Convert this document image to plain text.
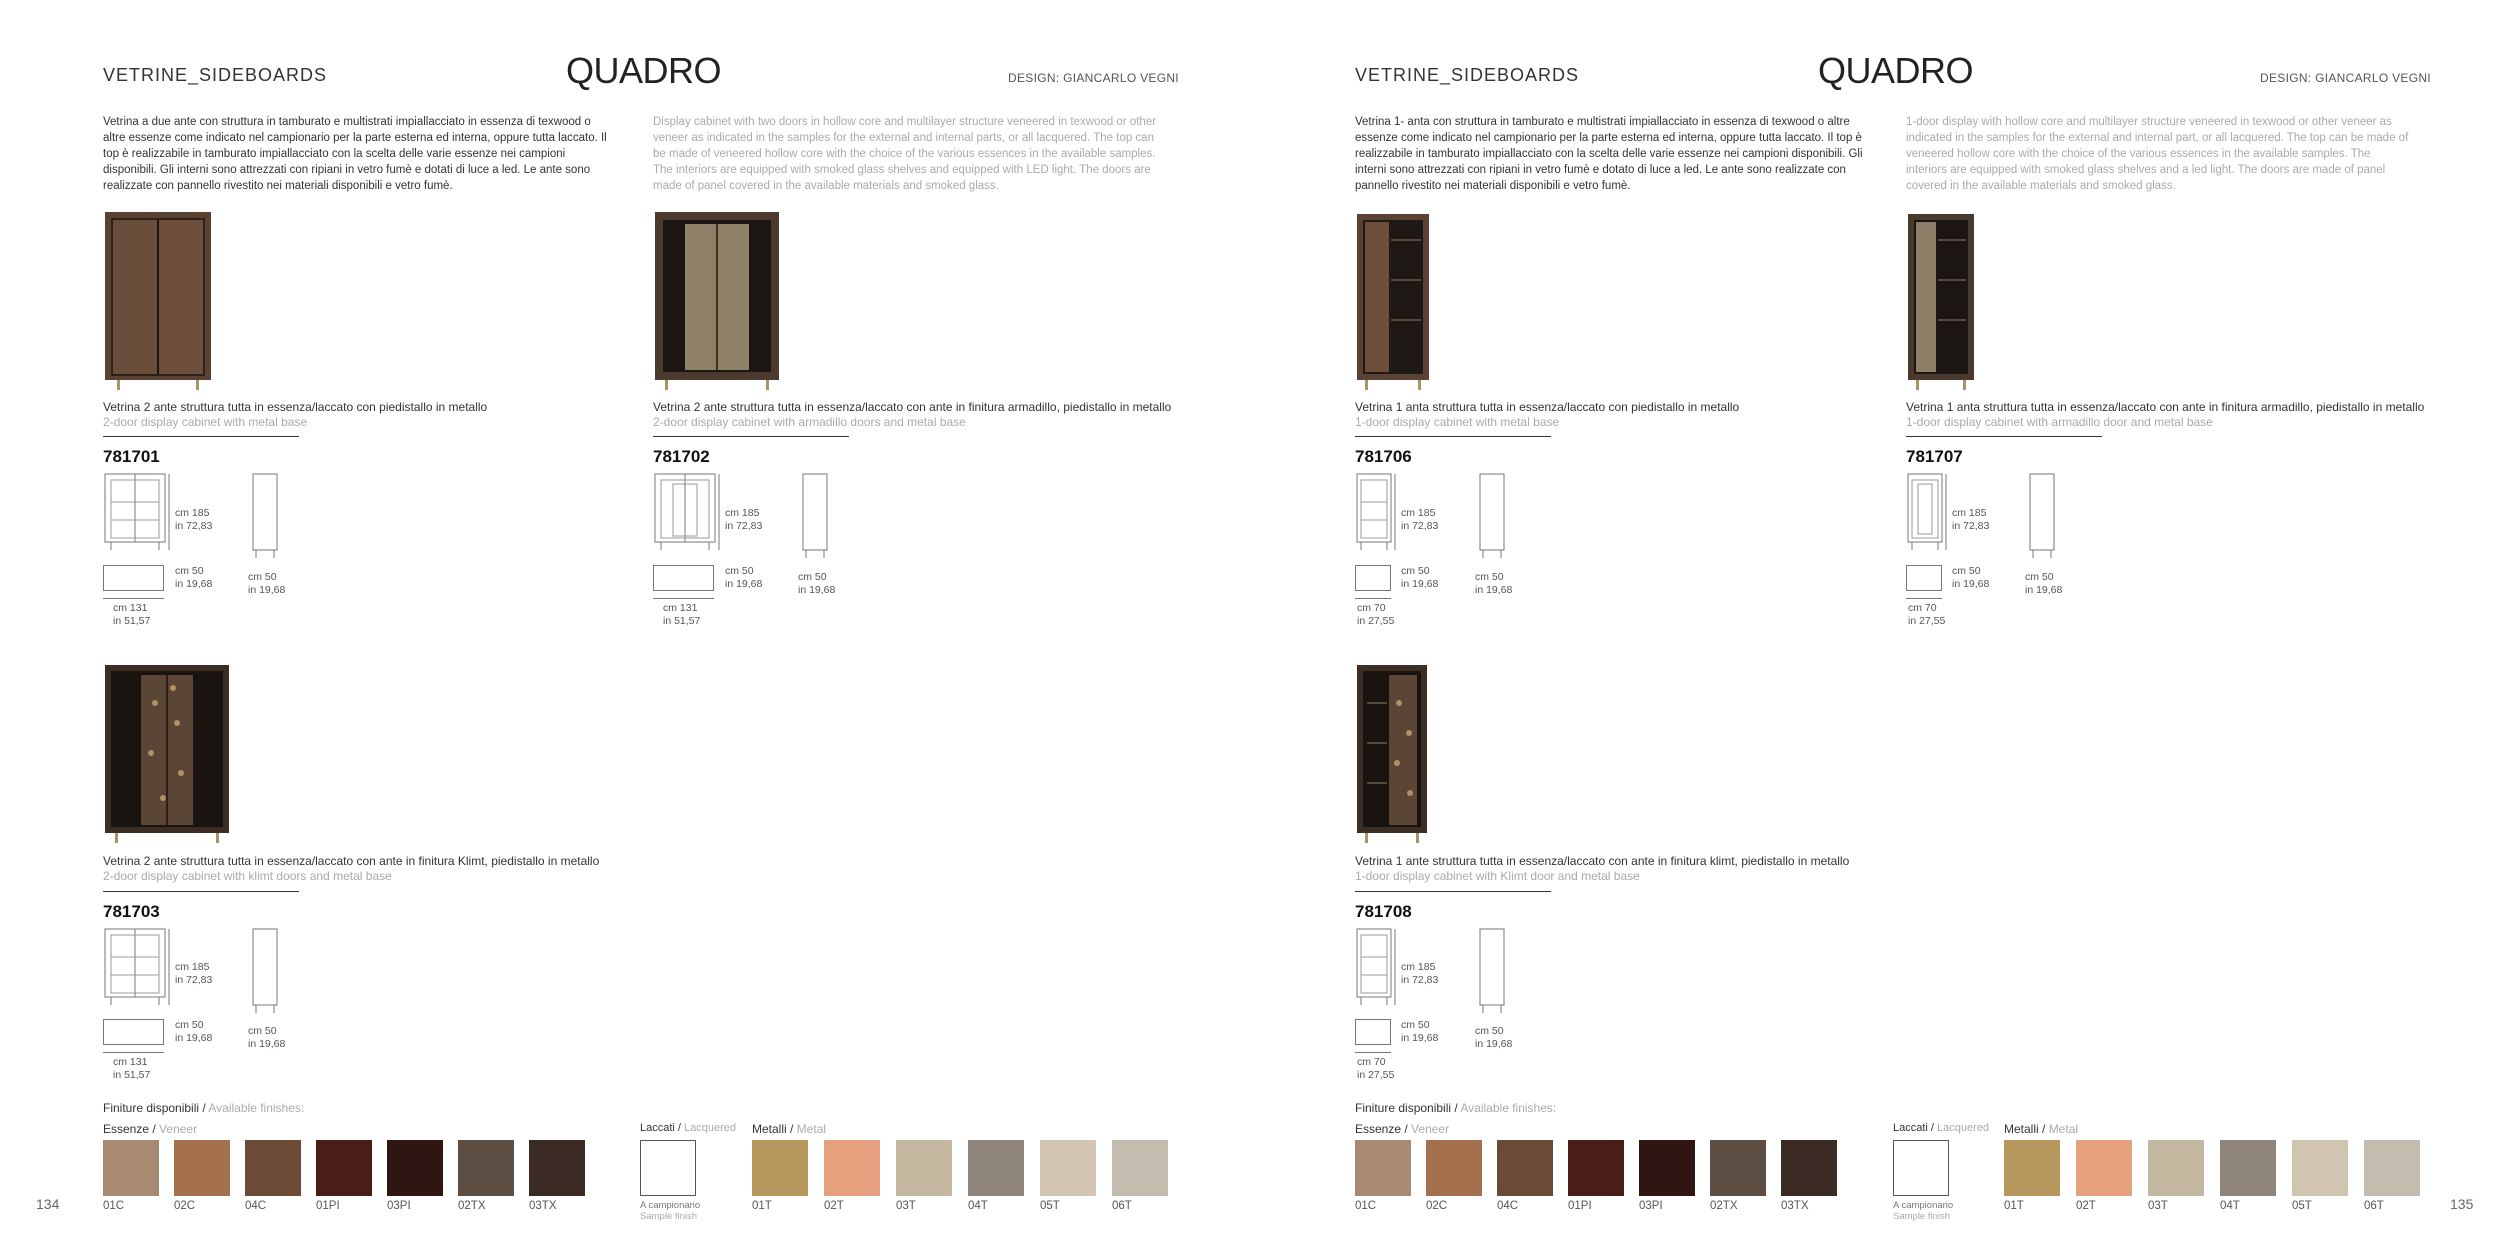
VETRINE_SIDEBOARDS	QUADRO	DESIGN: GIANCARLO VEGNI
Vetrina a due ante con struttura in tamburato e multistrati impiallacciato in essenza di texwood o altre essenze come indicato nel campionario per la parte esterna ed interna, oppure tutta laccato. Il top è realizzabile in tamburato impiallacciato con la scelta delle varie essenze nei campioni disponibili. Gli interni sono attrezzati con ripiani in vetro fumè e dotati di luce a led. Le ante sono realizzate con pannello rivestito nei materiali disponibili e vetro fumè.
Display cabinet with two doors in hollow core and multilayer structure veneered in texwood or other veneer as indicated in the samples for the external and internal parts, or all lacquered. The top can be made of veneered hollow core with the choice of the various essences in the available samples. The interiors are equipped with smoked glass shelves and equipped with LED light. The doors are made of panel covered in the available materials and smoked glass.
Vetrina 2 ante struttura tutta in essenza/laccato con piedistallo in metallo
2-door display cabinet with metal base
781701
cm 185
in 72,83
cm 50
in 19,68
cm 50
in 19,68
cm 131
in 51,57
Vetrina 2 ante struttura tutta in essenza/laccato con ante in finitura armadillo, piedistallo in metallo
2-door display cabinet with armadillo doors and metal base
781702
cm 185
in 72,83
cm 50
in 19,68
cm 50
in 19,68
cm 131
in 51,57
Vetrina 2 ante struttura tutta in essenza/laccato con ante in finitura Klimt, piedistallo in metallo
2-door display cabinet with klimt doors and metal base
781703
cm 185
in 72,83
cm 50
in 19,68
cm 50
in 19,68
cm 131
in 51,57
Finiture disponibili / Available finishes:
Essenze / Veneer
01C	02C	04C	01PI	03PI	02TX	03TX
Laccati / Lacquered
A campionario
Sample finish
Metalli / Metal
01T	02T	03T	04T	05T	06T
134
VETRINE_SIDEBOARDS	QUADRO	DESIGN: GIANCARLO VEGNI
Vetrina 1- anta con struttura in tamburato e multistrati impiallacciato in essenza di texwood o altre essenze come indicato nel campionario per la parte esterna ed interna, oppure tutta laccato. Il top è realizzabile in tamburato impiallacciato con la scelta delle varie essenze nei campioni disponibili. Gli interni sono attrezzati con ripiani in vetro fumè e dotato di luce a led. Le ante sono realizzate con pannello rivestito nei materiali disponibili e vetro fumè.
1-door display with hollow core and multilayer structure veneered in texwood or other veneer as indicated in the samples for the external and internal part, or all lacquered. The top can be made of veneered hollow core with the choice of the various essences in the available samples. The interiors are equipped with smoked glass shelves and a led light. The doors are made of panel covered in the available materials and smoked glass.
Vetrina 1 anta struttura tutta in essenza/laccato con piedistallo in metallo
1-door display cabinet with metal base
781706
cm 185
in 72,83
cm 50
in 19,68
cm 50
in 19,68
cm 70
in 27,55
Vetrina 1 anta struttura tutta in essenza/laccato con ante in finitura armadillo, piedistallo in metallo
1-door display cabinet with armadillo door and metal base
781707
cm 185
in 72,83
cm 50
in 19,68
cm 50
in 19,68
cm 70
in 27,55
Vetrina 1 ante struttura tutta in essenza/laccato con ante in finitura klimt, piedistallo in metallo
1-door display cabinet with Klimt door and metal base
781708
cm 185
in 72,83
cm 50
in 19,68
cm 50
in 19,68
cm 70
in 27,55
Finiture disponibili / Available finishes:
Essenze / Veneer
01C	02C	04C	01PI	03PI	02TX	03TX
Laccati / Lacquered
A campionario
Sample finish
Metalli / Metal
01T	02T	03T	04T	05T	06T	135
